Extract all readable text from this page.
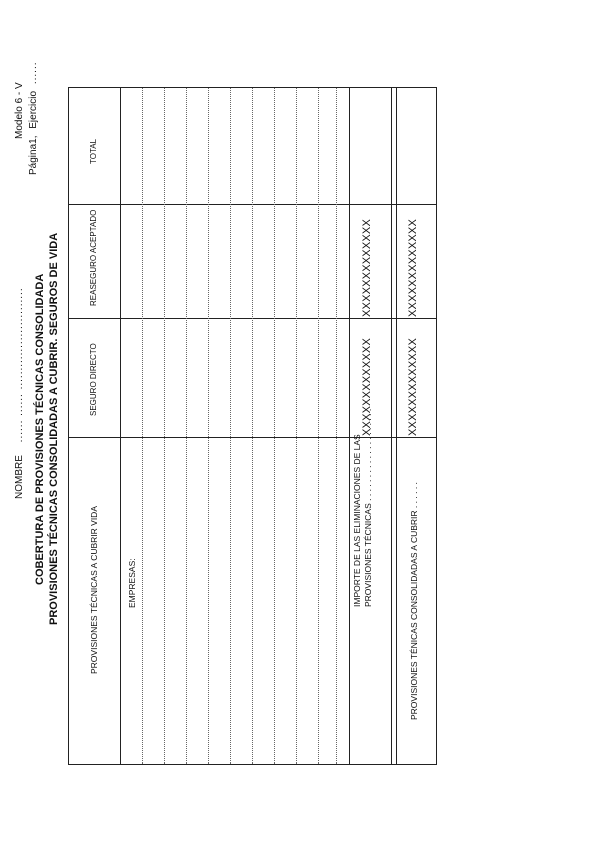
NOMBRE ...... ...... ........................... COBERTURA DE PROVISIONES TÉCNICAS CONSOLIDADA PROVISIONES TÉCNICAS CONSOLIDADAS A CUBRIR. SEGUROS DE VIDA
Modelo 6 - V
Página1, Ejercicio ......
PROVISIONES TÉCNICAS A CUBRIR VIDA
SEGURO DIRECTO
REASEGURO ACEPTADO
TOTAL
EMPRESAS:	IMPORTE DE LAS ELIMINACIONES DE LAS PROVISIONES TÉCNICAS . . . . . . . . . . . . . . . . . . . .
XXXXXXXXXXXXX
XXXXXXXXXXXXX
PROVISIONES TÉNICAS CONSOLIDADAS A CUBRIR . . . . . .
XXXXXXXXXXXXX
XXXXXXXXXXXXX
